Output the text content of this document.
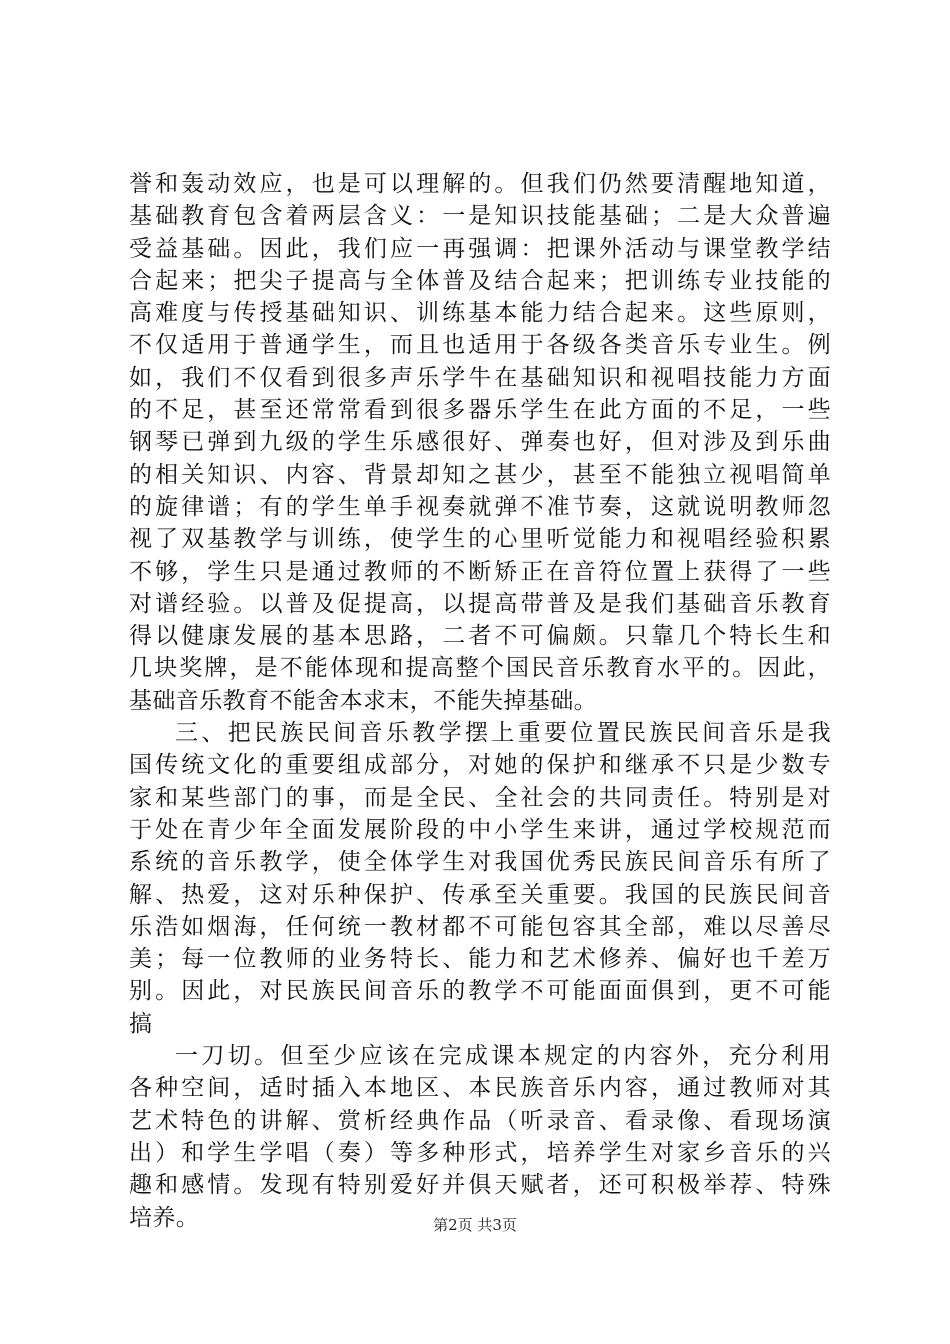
誉和轰动效应，也是可以理解的。但我们仍然要清醒地知道，
基础教育包含着两层含义：一是知识技能基础；二是大众普遍
受益基础。因此，我们应一再强调：把课外活动与课堂教学结
合起来；把尖子提高与全体普及结合起来；把训练专业技能的
高难度与传授基础知识、训练基本能力结合起来。这些原则，
不仅适用于普通学生，而且也适用于各级各类音乐专业生。例
如，我们不仅看到很多声乐学牛在基础知识和视唱技能力方面
的不足，甚至还常常看到很多器乐学生在此方面的不足，一些
钢琴已弹到九级的学生乐感很好、弹奏也好，但对涉及到乐曲
的相关知识、内容、背景却知之甚少，甚至不能独立视唱简单
的旋律谱；有的学生单手视奏就弹不准节奏，这就说明教师忽
视了双基教学与训练，使学生的心里听觉能力和视唱经验积累
不够，学生只是通过教师的不断矫正在音符位置上获得了一些
对谱经验。以普及促提高，以提高带普及是我们基础音乐教育
得以健康发展的基本思路，二者不可偏颇。只靠几个特长生和
几块奖牌，是不能体现和提高整个国民音乐教育水平的。因此，
基础音乐教育不能舍本求末，不能失掉基础。
三、把民族民间音乐教学摆上重要位置民族民间音乐是我
国传统文化的重要组成部分，对她的保护和继承不只是少数专
家和某些部门的事，而是全民、全社会的共同责任。特别是对
于处在青少年全面发展阶段的中小学生来讲，通过学校规范而
系统的音乐教学，使全体学生对我国优秀民族民间音乐有所了
解、热爱，这对乐种保护、传承至关重要。我国的民族民间音
乐浩如烟海，任何统一教材都不可能包容其全部，难以尽善尽
美；每一位教师的业务特长、能力和艺术修养、偏好也千差万
别。因此，对民族民间音乐的教学不可能面面俱到，更不可能
搞
一刀切。但至少应该在完成课本规定的内容外，充分利用
各种空间，适时插入本地区、本民族音乐内容，通过教师对其
艺术特色的讲解、赏析经典作品（听录音、看录像、看现场演
出）和学生学唱（奏）等多种形式，培养学生对家乡音乐的兴
趣和感情。发现有特别爱好并俱天赋者，还可积极举荐、特殊
培养。	第2页 共3页
